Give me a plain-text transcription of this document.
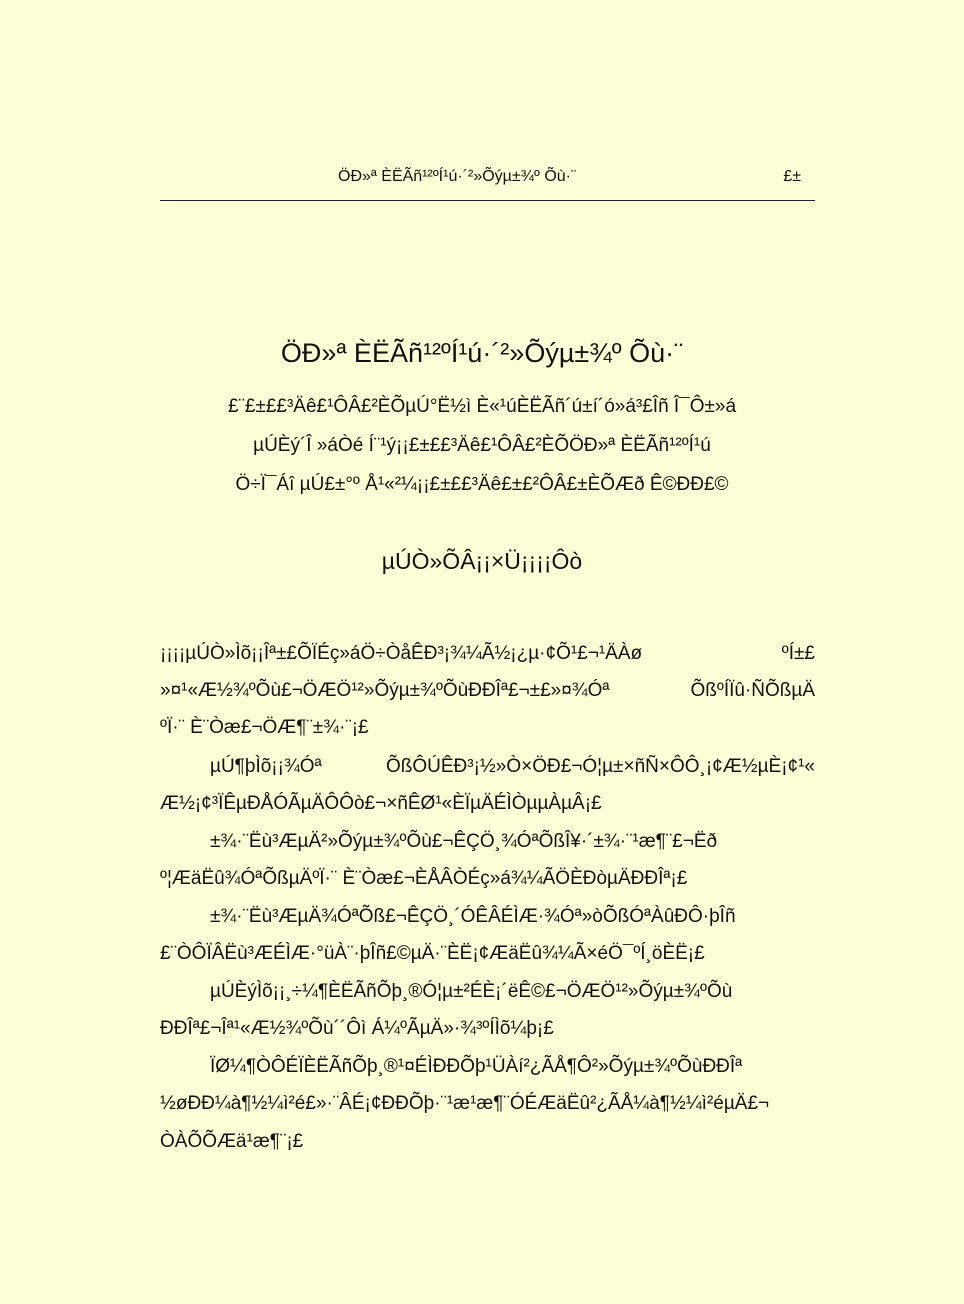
ÖÐ»ª ÈËÃñ¹²ºÍ¹ú·´²»Õýµ±¾º Õù·¨	£±
ÖÐ»ª ÈËÃñ¹²ºÍ¹ú·´²»Õýµ±¾º Õù·¨
£¨£±££³Äê£¹ÔÂ£²ÈÕµÚ°Ë½ì È«¹úÈËÃñ´ú±í´ó»á³£Îñ Î¯Ô±»á
µÚÈý´Î »áÒé Í¨¹ý¡¡£±££³Äê£¹ÔÂ£²ÈÕÖÐ»ª ÈËÃñ¹²ºÍ¹ú
Ö÷Ï¯Áî µÚ£±°º Å¹«²¼¡¡£±££³Äê£±£²ÔÂ£±ÈÕÆð Ê©ÐÐ£©
µÚÒ»ÕÂ¡¡×Ü¡¡¡¡Ôò
¡¡¡¡µÚÒ»Ìõ¡¡Îª±£ÕÏÉç»áÖ÷ÒåÊÐ³¡¾¼Ã½¡¿µ·¢Õ¹£¬¹ÄÀø ºÍ±£
»¤¹«Æ½¾ºÕù£¬ÖÆÖ¹²»Õýµ±¾ºÕùÐÐÎª£¬±£»¤¾Óª ÕßºÍÏû·ÑÕßµÄ
ºÏ·¨ È¨Òæ£¬ÖÆ¶¨±¾·¨¡£
µÚ¶þÌõ¡¡¾Óª ÕßÔÚÊÐ³¡½»Ò×ÖÐ£¬Ó¦µ±×ñÑ×ÔÔ¸¡¢Æ½µÈ¡¢¹«
Æ½¡¢³ÏÊµÐÅÓÃµÄÔÔò£¬×ñÊØ¹«ÈÏµÄÉÌÒµµÀµÂ¡£
±¾·¨Ëù³ÆµÄ²»Õýµ±¾ºÕù£¬ÊÇÖ¸¾ÓªÕßÎ¥·´±¾·¨¹æ¶¨£¬Ëð
º¦ÆäËû¾ÓªÕßµÄºÏ·¨ È¨Òæ£¬ÈÅÂÒÉç»á¾¼ÃÖÈÐòµÄÐÐÎª¡£
±¾·¨Ëù³ÆµÄ¾ÓªÕß£¬ÊÇÖ¸´ÓÊÂÉÌÆ·¾Óª»òÕßÓªÀûÐÔ·þÎñ
£¨ÒÔÏÂËù³ÆÉÌÆ·°üÀ¨·þÎñ£©µÄ·¨ÈË¡¢ÆäËû¾¼Ã×éÖ¯ºÍ¸öÈË¡£
µÚÈýÌõ¡¡¸÷¼¶ÈËÃñÕþ¸®Ó¦µ±²ÉÈ¡´ëÊ©£¬ÖÆÖ¹²»Õýµ±¾ºÕù
ÐÐÎª£¬Îª¹«Æ½¾ºÕù´´Ôì Á¼ºÃµÄ»·¾³ºÍÌõ¼þ¡£
ÏØ¼¶ÒÔÉÏÈËÃñÕþ¸®¹¤ÉÌÐÐÕþ¹ÜÀí²¿ÃÅ¶Ô²»Õýµ±¾ºÕùÐÐÎª
½øÐÐ¼à¶½¼ì²é£»·¨ÂÉ¡¢ÐÐÕþ·¨¹æ¹æ¶¨ÓÉÆäËû²¿ÃÅ¼à¶½¼ì²éµÄ£¬
ÒÀÕÕÆä¹æ¶¨¡£
